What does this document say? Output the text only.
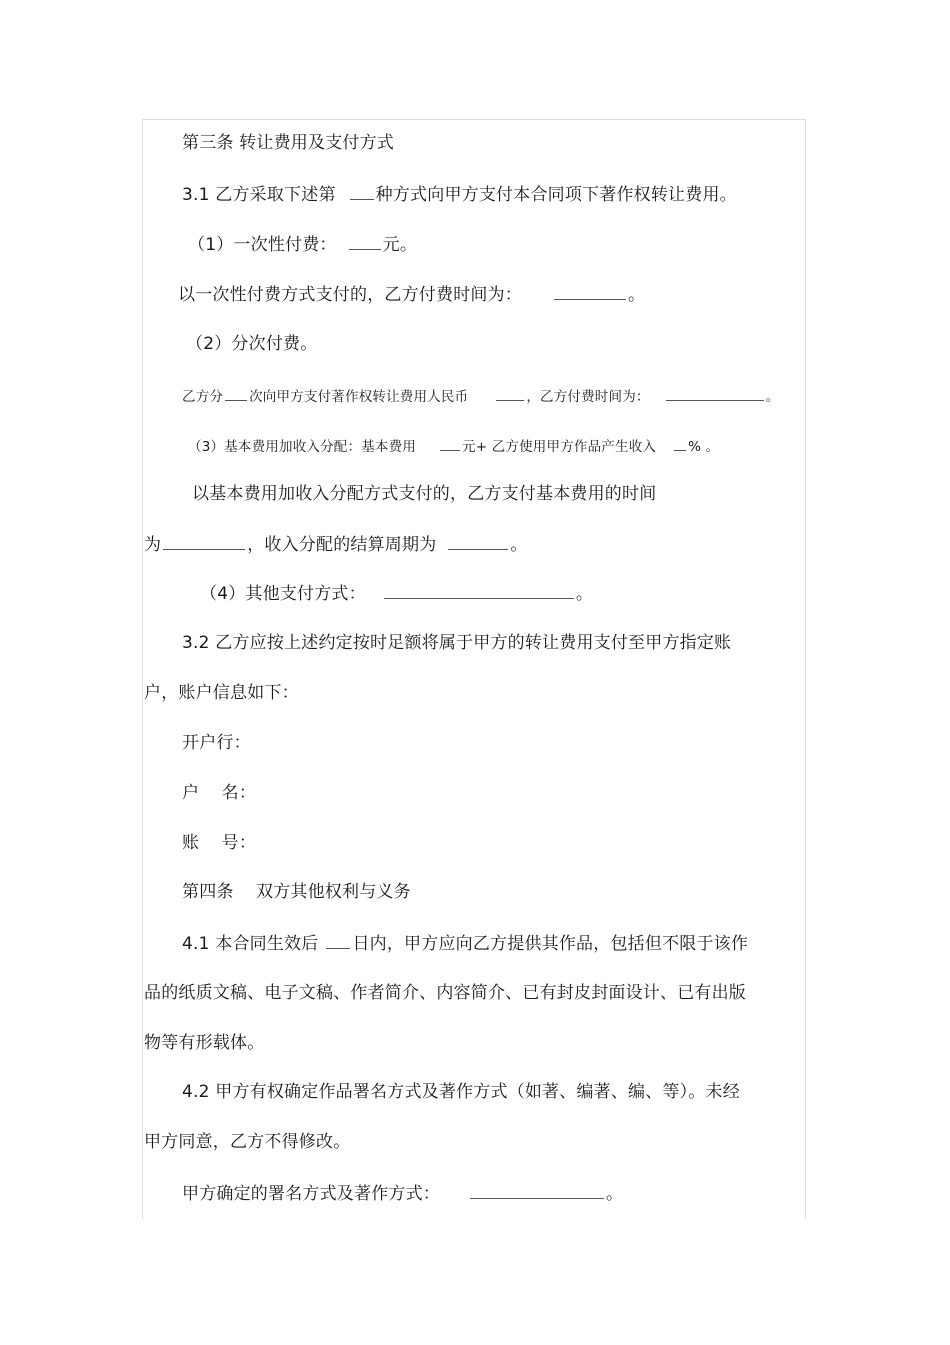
第三条 转让费用及支付方式
3.1 乙方采取下述第 种方式向甲方支付本合同项下著作权转让费用。
（1）一次性付费：	元。
以一次性付费方式支付的，乙方付费时间为：	。
（2）分次付费。
乙方分 次向甲方支付著作权转让费用人民币	，乙方付费时间为：	。
（3）基本费用加收入分配：基本费用	元+ 乙方使用甲方作品产生收入 % 。
以基本费用加收入分配方式支付的，乙方支付基本费用的时间
为	，收入分配的结算周期为	。
（4）其他支付方式：	。
3.2 乙方应按上述约定按时足额将属于甲方的转让费用支付至甲方指定账
户，账户信息如下：
开户行：
户    名：
账    号：
第四条    双方其他权利与义务
4.1 本合同生效后 日内，甲方应向乙方提供其作品，包括但不限于该作
品的纸质文稿、电子文稿、作者简介、内容简介、已有封皮封面设计、已有出版
物等有形载体。
4.2 甲方有权确定作品署名方式及著作方式（如著、编著、编、等）。未经
甲方同意，乙方不得修改。
甲方确定的署名方式及著作方式：	。
